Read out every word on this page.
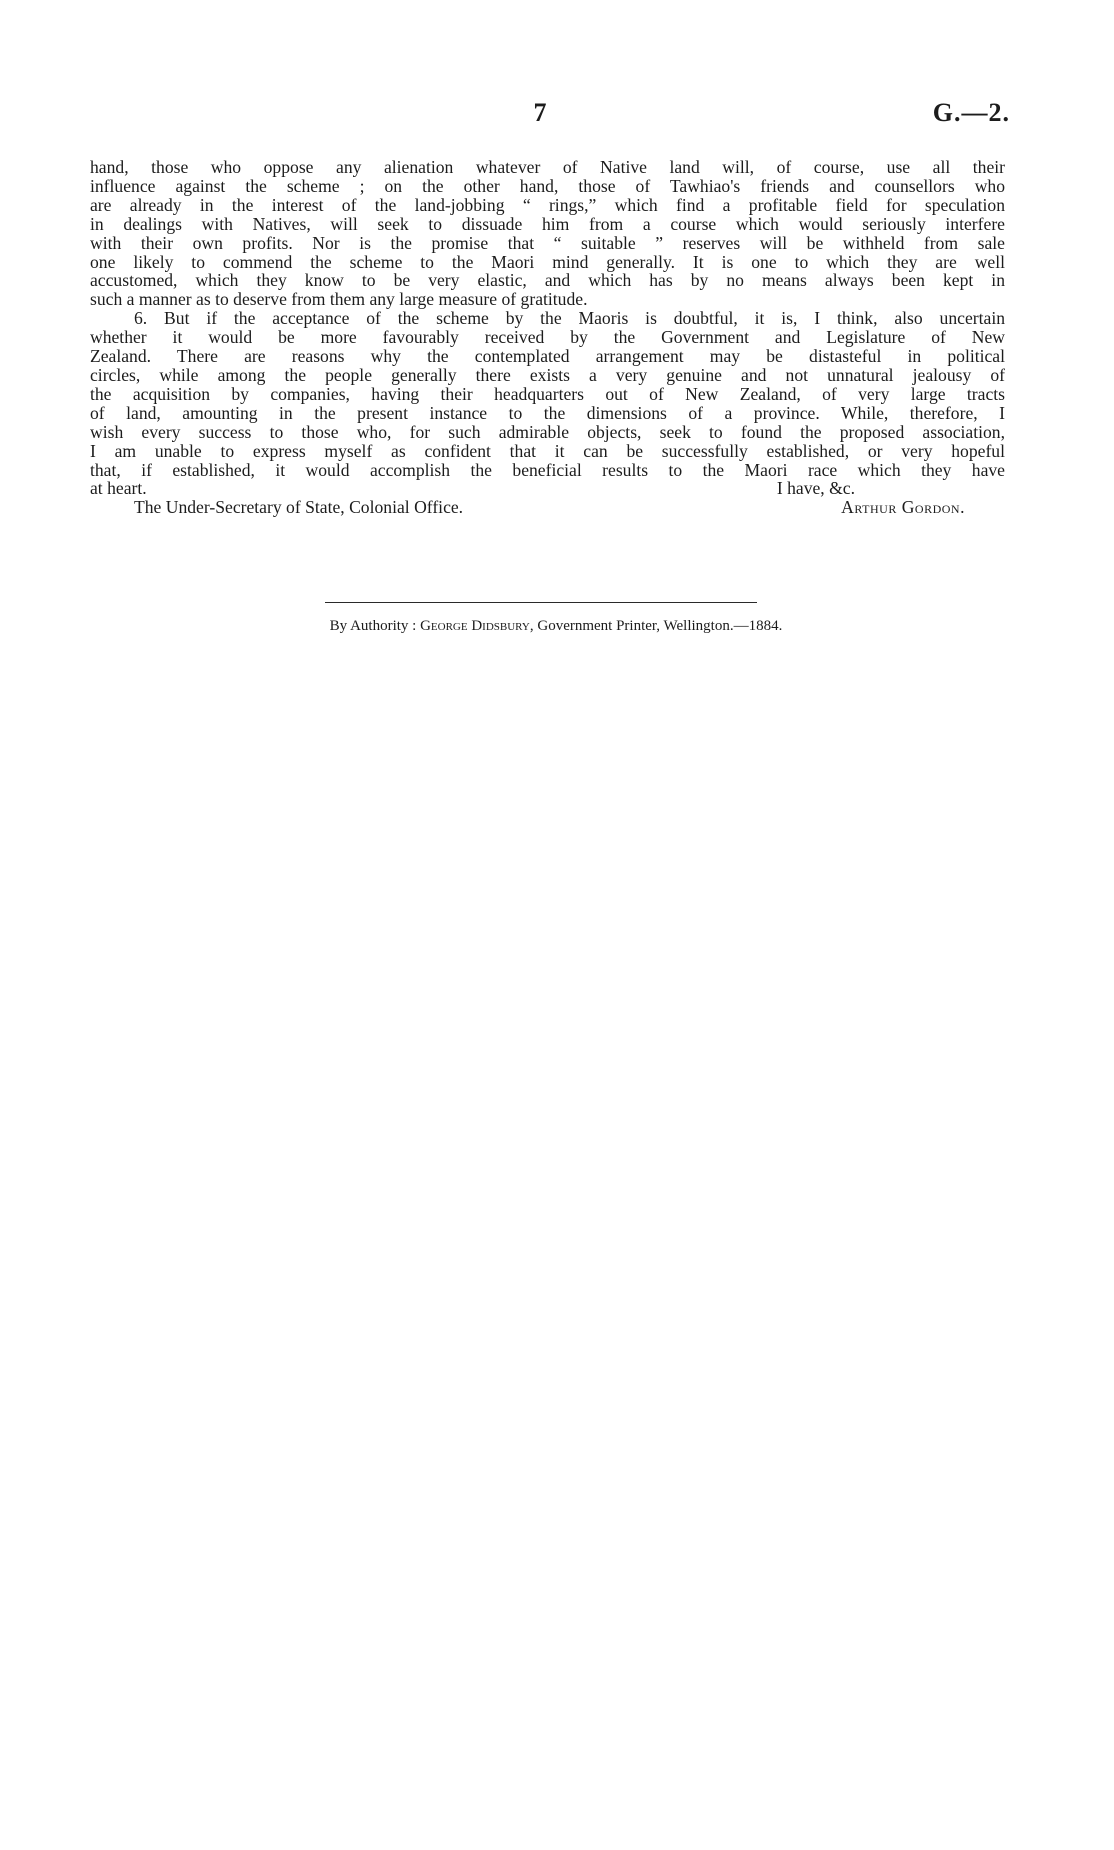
7	G.—2.
hand, those who oppose any alienation whatever of Native land will, of course, use all their
influence against the scheme ; on the other hand, those of Tawhiao's friends and counsellors who
are already in the interest of the land-jobbing “ rings,” which find a profitable field for speculation
in dealings with Natives, will seek to dissuade him from a course which would seriously interfere
with their own profits. Nor is the promise that “ suitable ” reserves will be withheld from sale
one likely to commend the scheme to the Maori mind generally. It is one to which they are well
accustomed, which they know to be very elastic, and which has by no means always been kept in
such a manner as to deserve from them any large measure of gratitude.
6. But if the acceptance of the scheme by the Maoris is doubtful, it is, I think, also uncertain
whether it would be more favourably received by the Government and Legislature of New
Zealand. There are reasons why the contemplated arrangement may be distasteful in political
circles, while among the people generally there exists a very genuine and not unnatural jealousy of
the acquisition by companies, having their headquarters out of New Zealand, of very large tracts
of land, amounting in the present instance to the dimensions of a province. While, therefore, I
wish every success to those who, for such admirable objects, seek to found the proposed association,
I am unable to express myself as confident that it can be successfully established, or very hopeful
that, if established, it would accomplish the beneficial results to the Maori race which they have
at heart.	I have, &c.
The Under-Secretary of State, Colonial Office.	Arthur Gordon.
By Authority : George Didsbury, Government Printer, Wellington.—1884.
